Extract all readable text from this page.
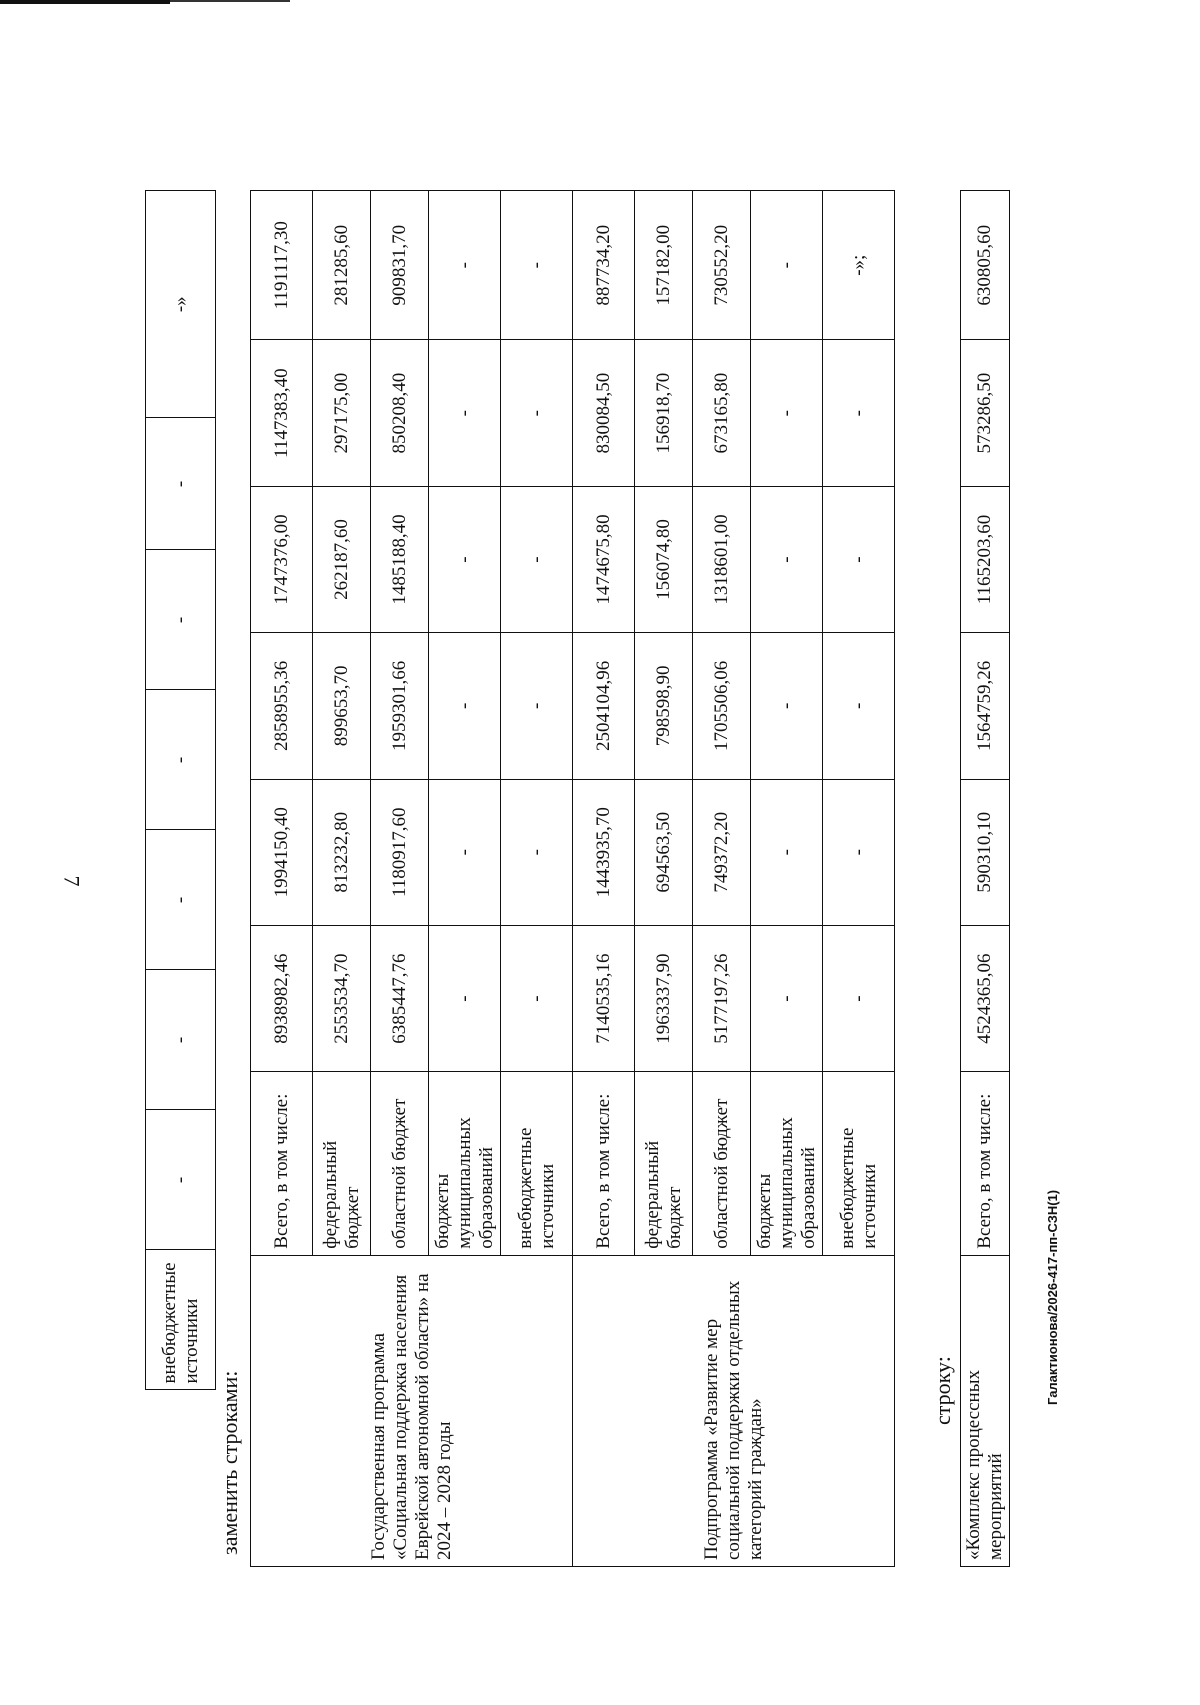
7
	внебюджетные источники	-	-	-	-	-	-	-»
заменить строками:	Государственная программа «Социальная поддержка населения Еврейской автономной области» на 2024 – 2028 годы	Всего, в том числе:	8938982,46	1994150,40	2858955,36	1747376,00	1147383,40	1191117,30
	федеральный бюджет	2553534,70	813232,80	899653,70	262187,60	297175,00	281285,60
	областной бюджет	6385447,76	1180917,60	1959301,66	1485188,40	850208,40	909831,70
	бюджеты муниципальных образований	-	-	-	-	-	-
	внебюджетные источники	-	-	-	-	-	-
Подпрограмма «Развитие мер социальной поддержки отдельных категорий граждан»	Всего, в том числе:	7140535,16	1443935,70	2504104,96	1474675,80	830084,50	887734,20
	федеральный бюджет	1963337,90	694563,50	798598,90	156074,80	156918,70	157182,00
	областной бюджет	5177197,26	749372,20	1705506,06	1318601,00	673165,80	730552,20
	бюджеты муниципальных образований	-	-	-	-	-	-
	внебюджетные источники	-	-	-	-	-	-»;
строку: «Комплекс процессных мероприятий	Всего, в том числе:	4524365,06	590310,10	1564759,26	1165203,60	573286,50	630805,60
Галактионова/2026-417-пп-СЗН(1)
